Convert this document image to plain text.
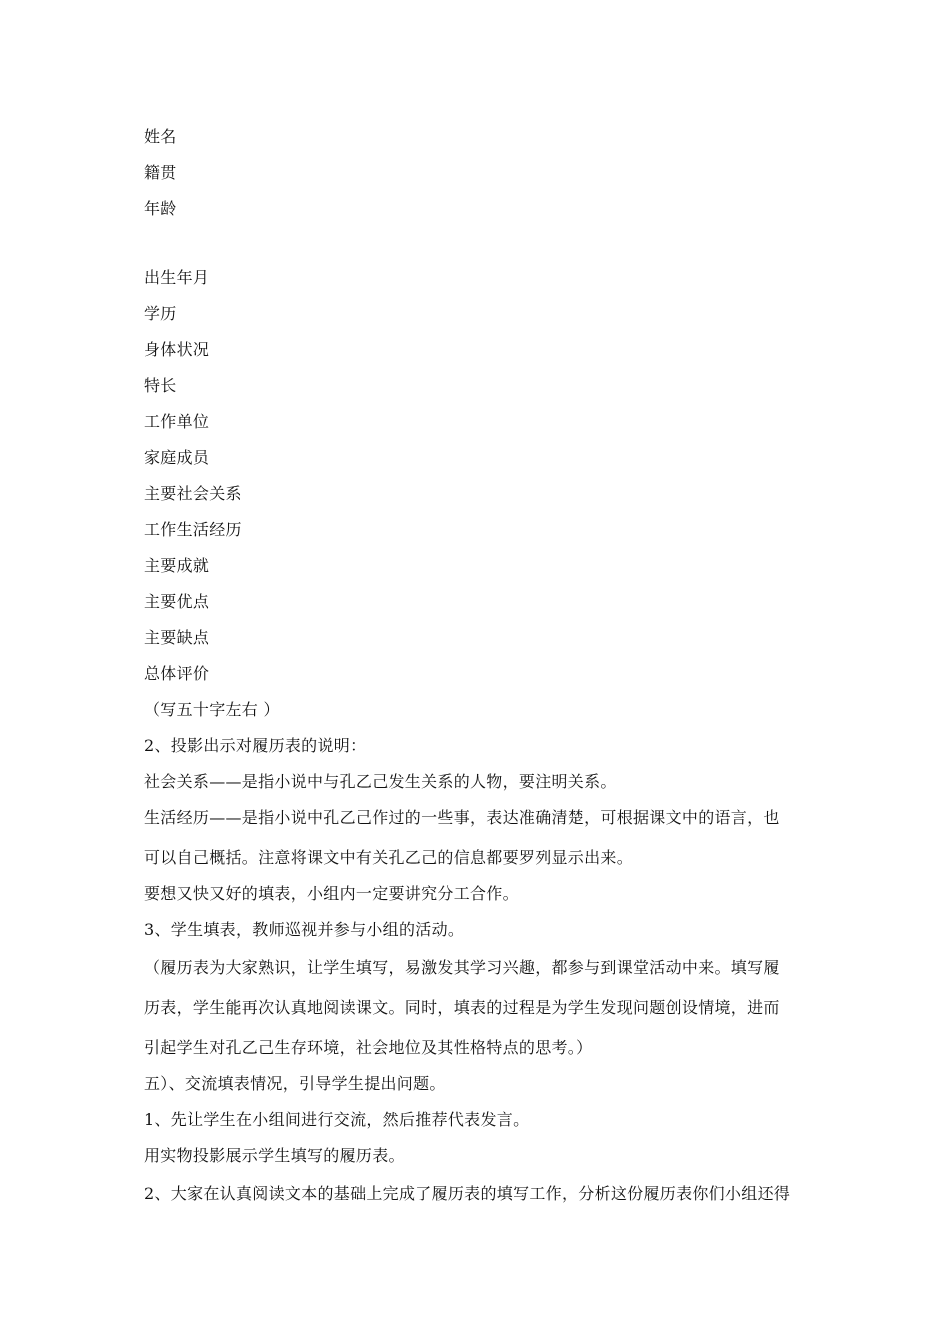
姓名

籍贯

年龄

出生年月

学历

身体状况

特长

工作单位

家庭成员

主要社会关系

工作生活经历

主要成就

主要优点

主要缺点

总体评价

（写五十字左右 ）

2、投影出示对履历表的说明：

社会关系——是指小说中与孔乙己发生关系的人物，要注明关系。

生活经历——是指小说中孔乙己作过的一些事，表达准确清楚，可根据课文中的语言，也

可以自己概括。注意将课文中有关孔乙己的信息都要罗列显示出来。

要想又快又好的填表，小组内一定要讲究分工合作。

3、学生填表，教师巡视并参与小组的活动。

（履历表为大家熟识，让学生填写，易激发其学习兴趣，都参与到课堂活动中来。填写履

历表，学生能再次认真地阅读课文。同时，填表的过程是为学生发现问题创设情境，进而

引起学生对孔乙己生存环境，社会地位及其性格特点的思考。）

五）、交流填表情况，引导学生提出问题。

1、先让学生在小组间进行交流，然后推荐代表发言。

用实物投影展示学生填写的履历表。

2、大家在认真阅读文本的基础上完成了履历表的填写工作，分析这份履历表你们小组还得
